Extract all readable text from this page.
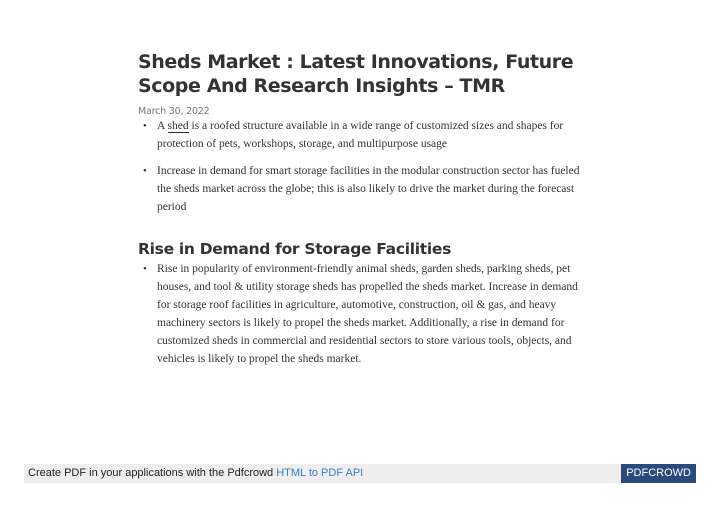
Sheds Market : Latest Innovations, Future Scope And Research Insights – TMR
March 30, 2022
• A shed is a roofed structure available in a wide range of customized sizes and shapes for protection of pets, workshops, storage, and multipurpose usage
• Increase in demand for smart storage facilities in the modular construction sector has fueled the sheds market across the globe; this is also likely to drive the market during the forecast period
Rise in Demand for Storage Facilities
• Rise in popularity of environment-friendly animal sheds, garden sheds, parking sheds, pet houses, and tool & utility storage sheds has propelled the sheds market. Increase in demand for storage roof facilities in agriculture, automotive, construction, oil & gas, and heavy machinery sectors is likely to propel the sheds market. Additionally, a rise in demand for customized sheds in commercial and residential sectors to store various tools, objects, and vehicles is likely to propel the sheds market.
Create PDF in your applications with the Pdfcrowd HTML to PDF API	PDFCROWD
